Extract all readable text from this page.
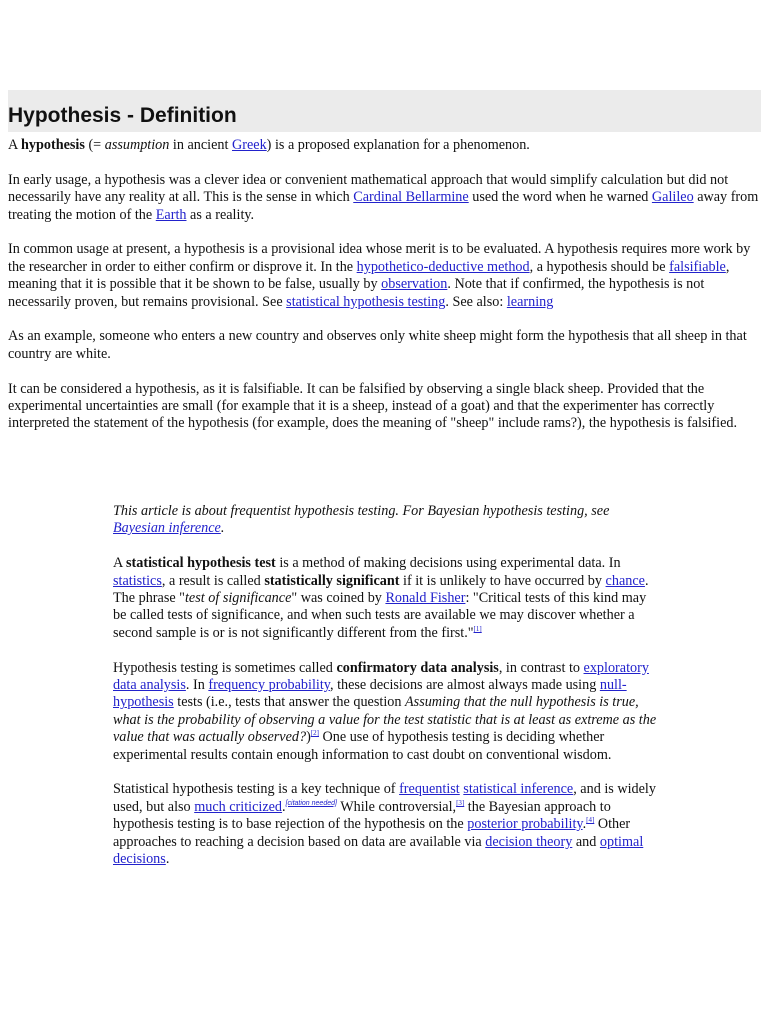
Hypothesis - Definition

A hypothesis (= assumption in ancient Greek) is a proposed explanation for a phenomenon.

In early usage, a hypothesis was a clever idea or convenient mathematical approach that would simplify calculation but did not necessarily have any reality at all. This is the sense in which Cardinal Bellarmine used the word when he warned Galileo away from treating the motion of the Earth as a reality.

In common usage at present, a hypothesis is a provisional idea whose merit is to be evaluated. A hypothesis requires more work by the researcher in order to either confirm or disprove it. In the hypothetico-deductive method, a hypothesis should be falsifiable, meaning that it is possible that it be shown to be false, usually by observation. Note that if confirmed, the hypothesis is not necessarily proven, but remains provisional. See statistical hypothesis testing. See also: learning

As an example, someone who enters a new country and observes only white sheep might form the hypothesis that all sheep in that country are white.

It can be considered a hypothesis, as it is falsifiable. It can be falsified by observing a single black sheep. Provided that the experimental uncertainties are small (for example that it is a sheep, instead of a goat) and that the experimenter has correctly interpreted the statement of the hypothesis (for example, does the meaning of "sheep" include rams?), the hypothesis is falsified.

This article is about frequentist hypothesis testing. For Bayesian hypothesis testing, see Bayesian inference.

A statistical hypothesis test is a method of making decisions using experimental data. In statistics, a result is called statistically significant if it is unlikely to have occurred by chance. The phrase "test of significance" was coined by Ronald Fisher: "Critical tests of this kind may be called tests of significance, and when such tests are available we may discover whether a second sample is or is not significantly different from the first."[1]

Hypothesis testing is sometimes called confirmatory data analysis, in contrast to exploratory data analysis. In frequency probability, these decisions are almost always made using null-hypothesis tests (i.e., tests that answer the question Assuming that the null hypothesis is true, what is the probability of observing a value for the test statistic that is at least as extreme as the value that was actually observed?)[2] One use of hypothesis testing is deciding whether experimental results contain enough information to cast doubt on conventional wisdom.

Statistical hypothesis testing is a key technique of frequentist statistical inference, and is widely used, but also much criticized.[citation needed] While controversial,[3] the Bayesian approach to hypothesis testing is to base rejection of the hypothesis on the posterior probability.[4] Other approaches to reaching a decision based on data are available via decision theory and optimal decisions.
